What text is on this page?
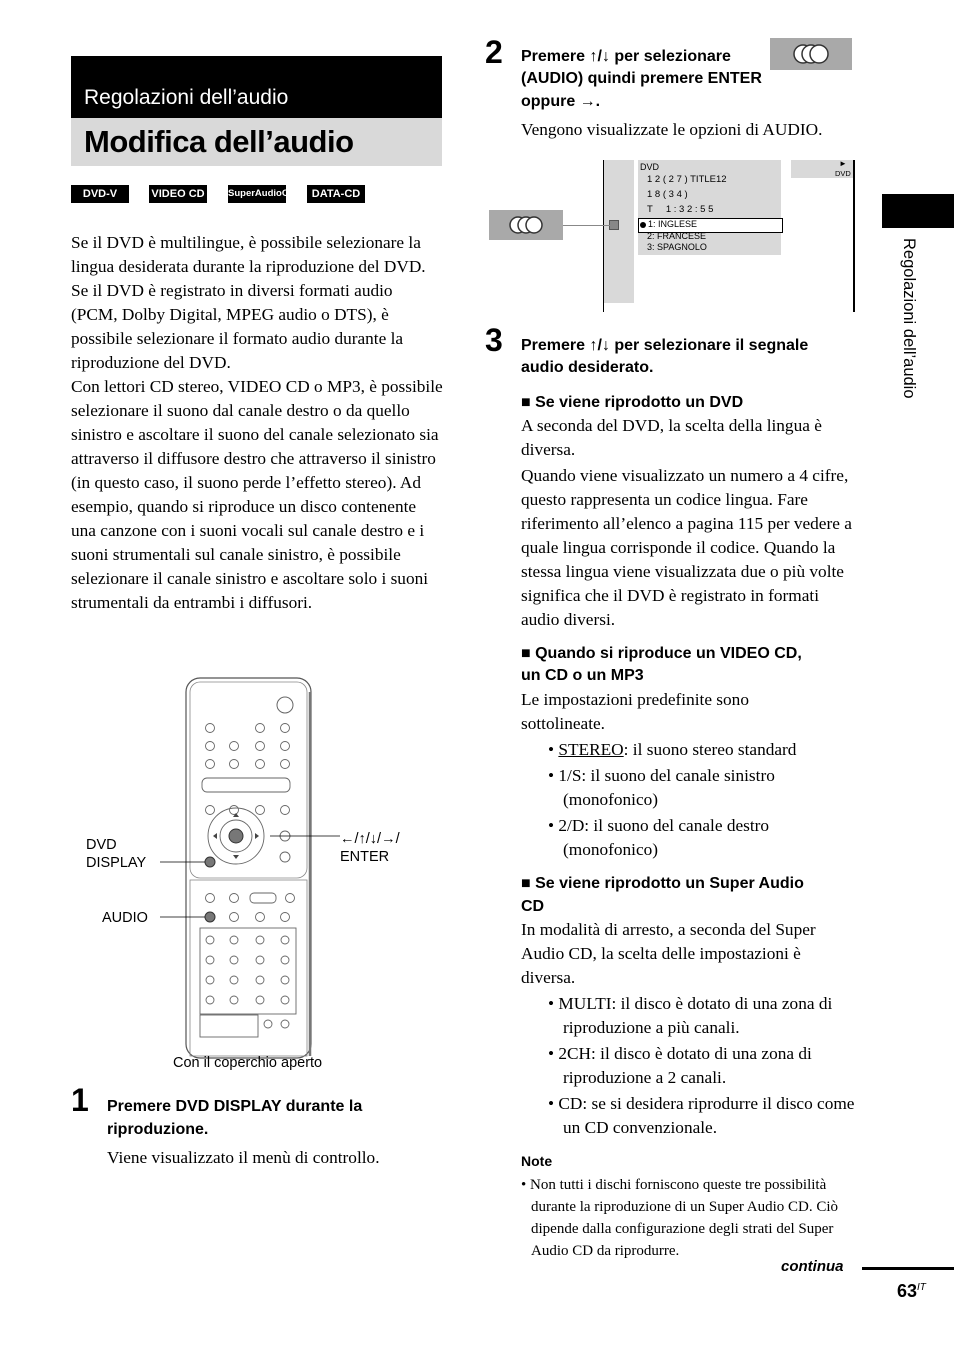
Regolazioni dell’audio
Modifica dell’audio
DVD-V	VIDEO CD SuperAudioCD	DATA-CD

Se il DVD è multilingue, è possibile selezionare la lingua desiderata durante la riproduzione del DVD.

Se il DVD è registrato in diversi formati audio (PCM, Dolby Digital, MPEG audio o DTS), è possibile selezionare il formato audio durante la riproduzione del DVD.

Con lettori CD stereo, VIDEO CD o MP3, è possibile selezionare il suono dal canale destro o da quello sinistro e ascoltare il suono del canale selezionato sia attraverso il diffusore destro che attraverso il sinistro (in questo caso, il suono perde l’effetto stereo). Ad esempio, quando si riproduce un disco contenente una canzone con i suoni vocali sul canale destro e i suoni strumentali sul canale sinistro, è possibile selezionare il canale sinistro e ascoltare solo i suoni strumentali da entrambi i diffusori.

DVD
DISPLAY
←/↑/↓/→/
ENTER
AUDIO
Con il coperchio aperto
1 Premere DVD DISPLAY durante la
riproduzione.
Viene visualizzato il menù di controllo.
2 Premere ↑/↓ per selezionare
(AUDIO) quindi premere ENTER
oppure →.
Vengono visualizzate le opzioni di AUDIO.
DVD
1 2 ( 2 7 ) TITLE12
1 8 ( 3 4 )
T     1 : 3 2 : 5 5
1: INGLESE
2: FRANCESE
3: SPAGNOLO
►
DVD
3 Premere ↑/↓ per selezionare il segnale
audio desiderato.
■ Se viene riprodotto un DVD
A seconda del DVD, la scelta della lingua è diversa.
Quando viene visualizzato un numero a 4 cifre, questo rappresenta un codice lingua. Fare riferimento all’elenco a pagina 115 per vedere a quale lingua corrisponde il codice. Quando la stessa lingua viene visualizzata due o più volte significa che il DVD è registrato in formati audio diversi.
■ Quando si riproduce un VIDEO CD,
un CD o un MP3
Le impostazioni predefinite sono sottolineate.
• STEREO: il suono stereo standard
• 1/S: il suono del canale sinistro (monofonico)
• 2/D: il suono del canale destro (monofonico)
■ Se viene riprodotto un Super Audio
CD
In modalità di arresto, a seconda del Super Audio CD, la scelta delle impostazioni è diversa.
• MULTI: il disco è dotato di una zona di riproduzione a più canali.
• 2CH: il disco è dotato di una zona di riproduzione a 2 canali.
• CD: se si desidera riprodurre il disco come un CD convenzionale.
Note
• Non tutti i dischi forniscono queste tre possibilità durante la riproduzione di un Super Audio CD. Ciò dipende dalla configurazione degli strati del Super Audio CD da riprodurre.
continua
$63^{IT}$
Regolazioni dell’audio
